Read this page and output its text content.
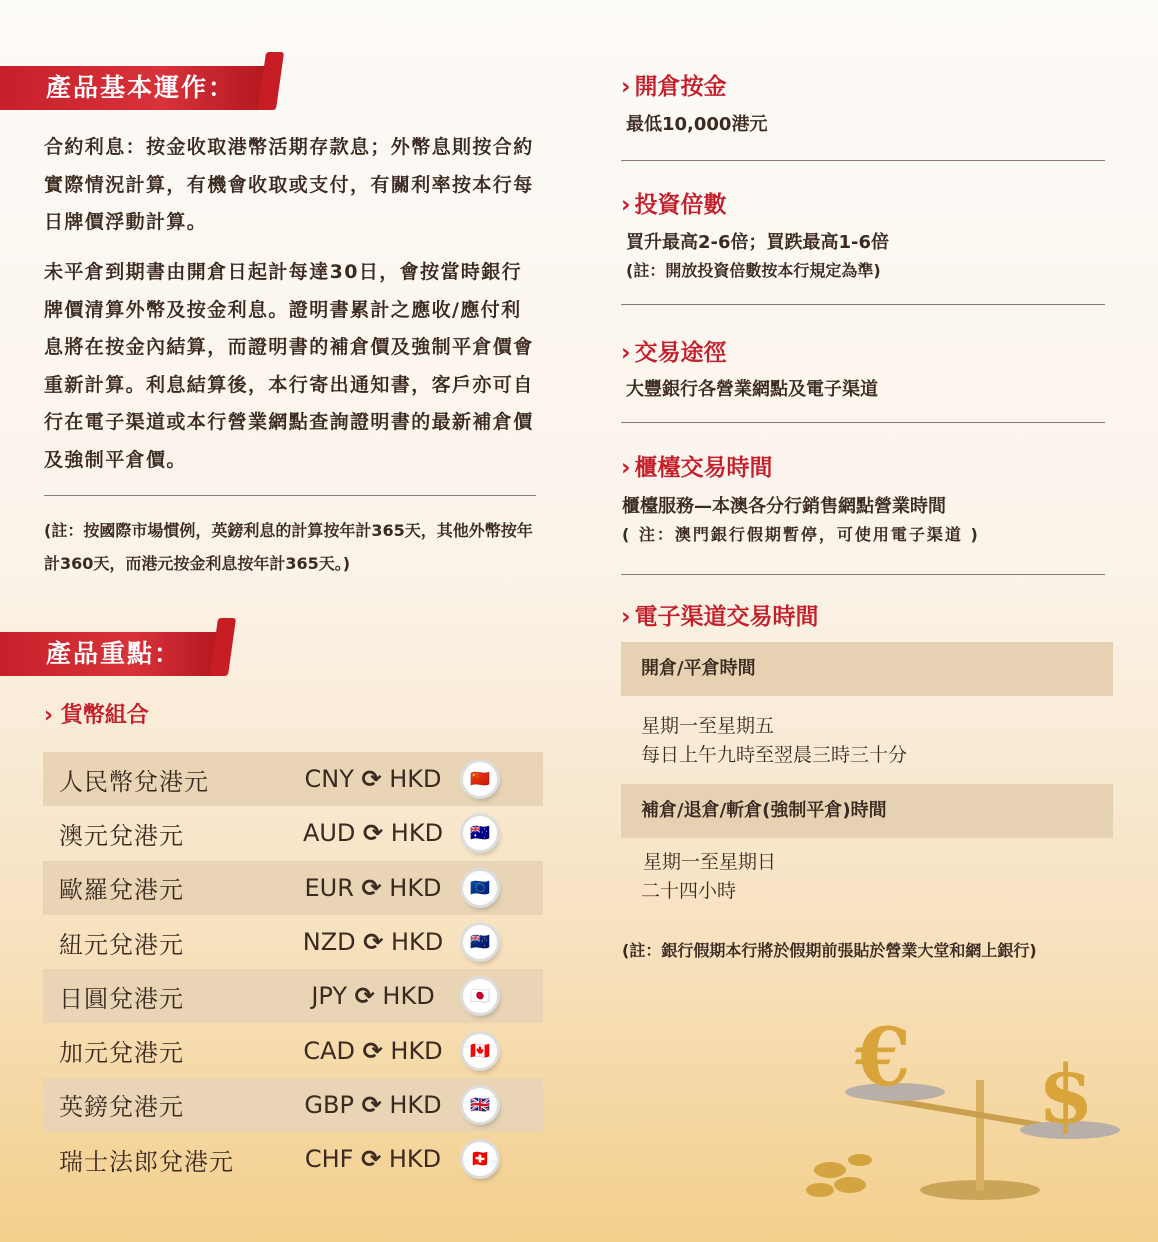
產品基本運作：
合約利息：按金收取港幣活期存款息；外幣息則按合約實際情況計算，有機會收取或支付，有關利率按本行每日牌價浮動計算。
未平倉到期書由開倉日起計每達30日，會按當時銀行牌價清算外幣及按金利息。證明書累計之應收/應付利息將在按金內結算，而證明書的補倉價及強制平倉價會重新計算。利息結算後，本行寄出通知書，客戶亦可自行在電子渠道或本行營業網點查詢證明書的最新補倉價及強制平倉價。
(註：按國際市場慣例，英鎊利息的計算按年計365天，其他外幣按年計360天，而港元按金利息按年計365天。)
產品重點：
› 貨幣組合
人民幣兌港元	CNY ⟳ HKD	🇨🇳
澳元兌港元	AUD ⟳ HKD	🇦🇺
歐羅兌港元	EUR ⟳ HKD	🇪🇺
紐元兌港元	NZD ⟳ HKD	🇳🇿
日圓兌港元	JPY ⟳ HKD	🇯🇵
加元兌港元	CAD ⟳ HKD	🇨🇦
英鎊兌港元	GBP ⟳ HKD	🇬🇧
瑞士法郎兌港元	CHF ⟳ HKD	🇨🇭
› 開倉按金
最低10,000港元
› 投資倍數
買升最高2-6倍；買跌最高1-6倍
(註：開放投資倍數按本行規定為準)
› 交易途徑
大豐銀行各營業網點及電子渠道
› 櫃檯交易時間
櫃檯服務—本澳各分行銷售網點營業時間
( 注：澳門銀行假期暫停，可使用電子渠道 )
› 電子渠道交易時間
開倉/平倉時間
星期一至星期五
每日上午九時至翌晨三時三十分
補倉/退倉/斬倉(強制平倉)時間
星期一至星期日
二十四小時
(註：銀行假期本行將於假期前張貼於營業大堂和網上銀行)
€ $
